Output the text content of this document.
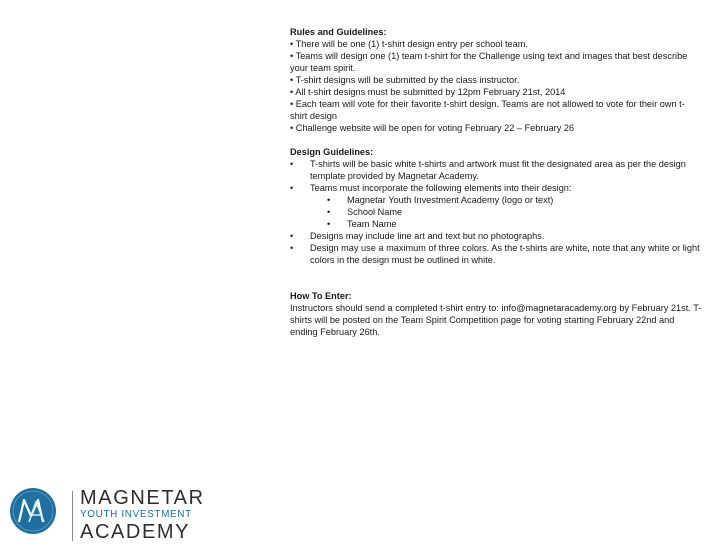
Rules and Guidelines:

• There will be one (1) t-shirt design entry per school team.

• Teams will design one (1) team t-shirt for the Challenge using text and images that best describe your team spirit.

• T-shirt designs will be submitted by the class instructor.

• All t-shirt designs must be submitted by 12pm February 21st, 2014

• Each team will vote for their favorite t-shirt design. Teams are not allowed to vote for their own t-shirt design

• Challenge website will be open for voting February 22 – February 26

Design Guidelines:
• T-shirts will be basic white t-shirts and artwork must fit the designated area as per the design template provided by Magnetar Academy.
• Teams must incorporate the following elements into their design:
• Magnetar Youth Investment Academy (logo or text)
• School Name
• Team Name
• Designs may include line art and text but no photographs.
• Design may use a maximum of three colors. As the t-shirts are white, note that any white or light colors in the design must be outlined in white.
How To Enter:

Instructors should send a completed t-shirt entry to: info@magnetaracademy.org by February 21st. T-shirts will be posted on the Team Spirit Competition page for voting starting February 22nd and ending February 26th.

MAGNETAR
YOUTH INVESTMENT
ACADEMY
